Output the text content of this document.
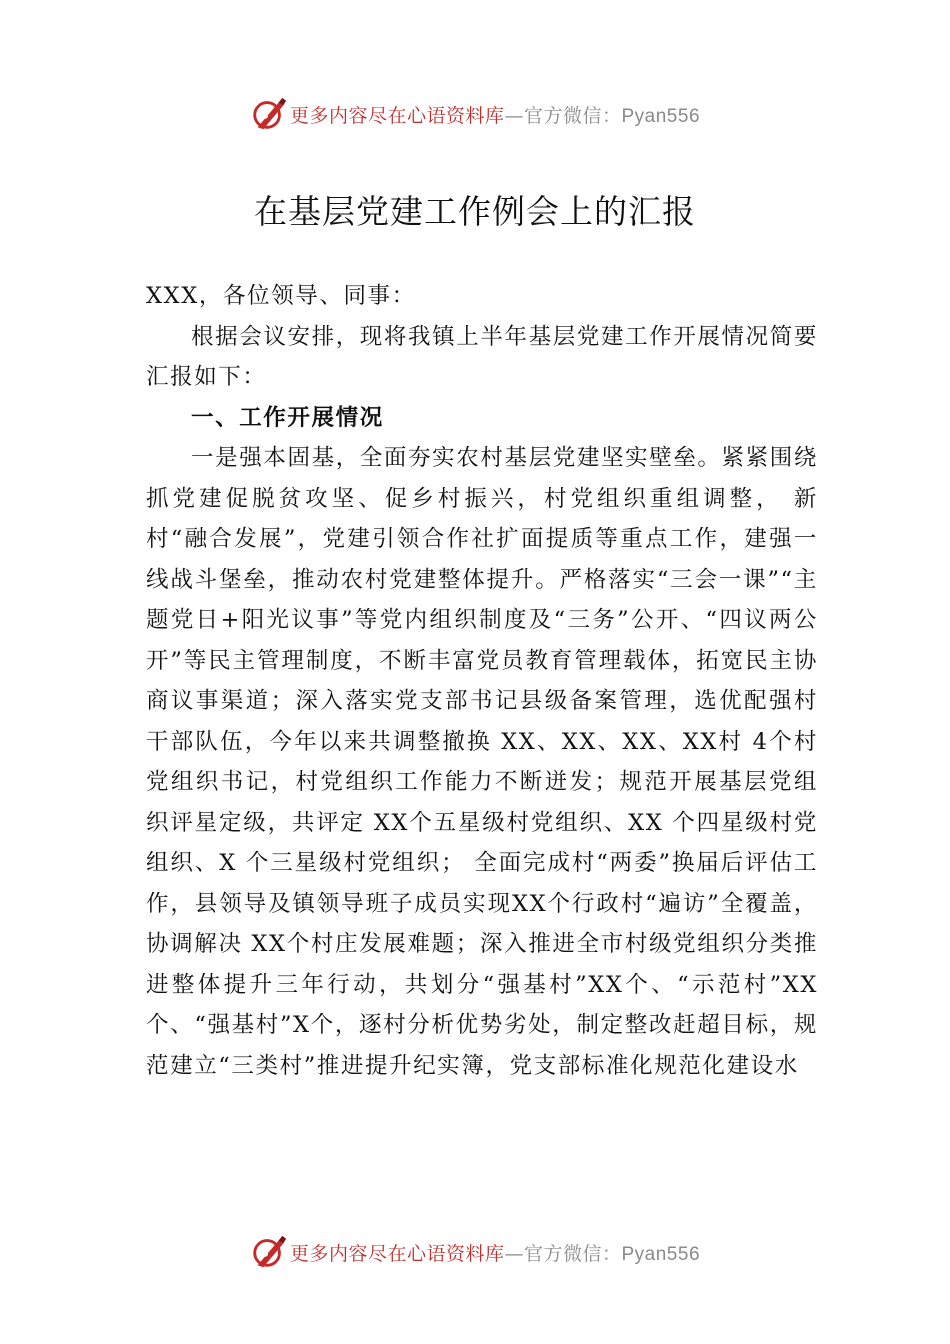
更多内容尽在心语资料库—官方微信：Pyan556
在基层党建工作例会上的汇报

XXX，各位领导、同事：

根据会议安排，现将我镇上半年基层党建工作开展情况简要汇报如下：

一、工作开展情况

一是强本固基，全面夯实农村基层党建坚实壁垒。紧紧围绕抓党建促脱贫攻坚、促乡村振兴，村党组织重组调整， 新村“融合发展”，党建引领合作社扩面提质等重点工作，建强一线战斗堡垒，推动农村党建整体提升。严格落实“三会一课”“主题党日+阳光议事”等党内组织制度及“三务”公开、“四议两公开”等民主管理制度，不断丰富党员教育管理载体，拓宽民主协商议事渠道；深入落实党支部书记县级备案管理，选优配强村干部队伍，今年以来共调整撤换 XX、XX、XX、XX村 4个村党组织书记，村党组织工作能力不断迸发；规范开展基层党组织评星定级，共评定 XX个五星级村党组织、XX 个四星级村党组织、X 个三星级村党组织； 全面完成村“两委”换届后评估工作，县领导及镇领导班子成员实现XX个行政村“遍访”全覆盖，协调解决 XX个村庄发展难题；深入推进全市村级党组织分类推进整体提升三年行动，共划分“强基村”XX个、“示范村”XX个、“强基村”X个，逐村分析优势劣处，制定整改赶超目标，规范建立“三类村”推进提升纪实簿，党支部标准化规范化建设水

更多内容尽在心语资料库—官方微信：Pyan556
